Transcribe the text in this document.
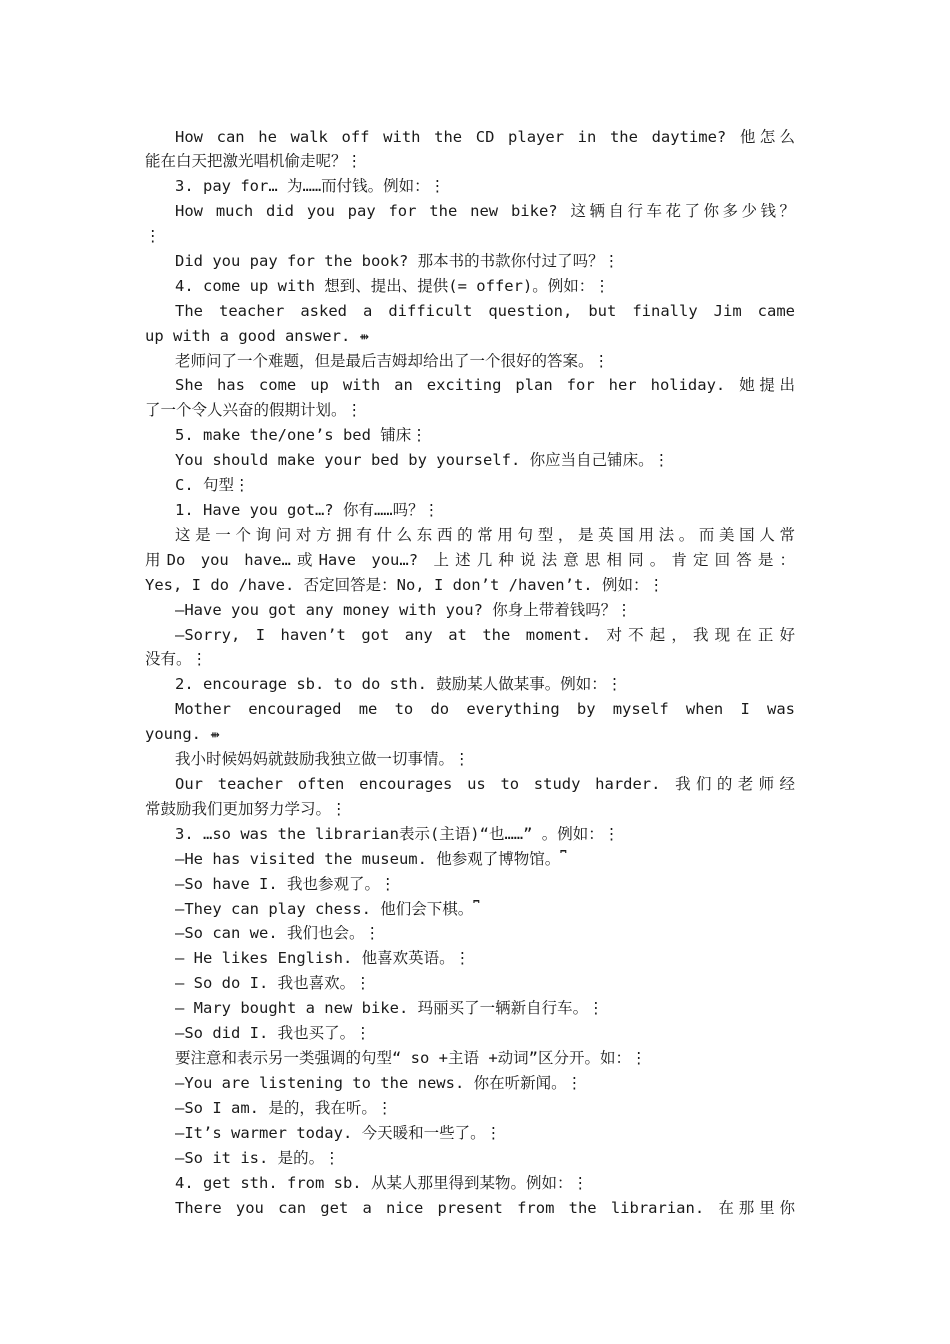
How can he walk off with the CD player in the daytime? 他怎么
能在白天把激光唱机偷走呢？⋮
3. pay for… 为……而付钱。例如：⋮
How much did you pay for the new bike? 这辆自行车花了你多少钱？
⋮
Did you pay for the book? 那本书的书款你付过了吗？⋮
4. come up with 想到、提出、提供(= offer)。例如：⋮
The teacher asked a difficult question, but finally Jim came
up with a good answer. ⇻
老师问了一个难题，但是最后吉姆却给出了一个很好的答案。⋮
She has come up with an exciting plan for her holiday. 她提出
了一个令人兴奋的假期计划。⋮
5. make the/one’s bed 铺床⋮
You should make your bed by yourself. 你应当自己铺床。⋮
C. 句型⋮
1. Have you got…? 你有……吗？⋮
这是一个询问对方拥有什么东西的常用句型，是英国用法。而美国人常
用Do you have…或Have you…? 上述几种说法意思相同。肯定回答是：
Yes, I do /have. 否定回答是：No, I don’t /haven’t. 例如：⋮
—Have you got any money with you? 你身上带着钱吗？⋮
—Sorry, I haven’t got any at the moment. 对不起，我现在正好
没有。⋮
2. encourage sb. to do sth. 鼓励某人做某事。例如：⋮
Mother encouraged me to do everything by myself when I was
young. ⇻
我小时候妈妈就鼓励我独立做一切事情。⋮
Our teacher often encourages us to study harder. 我们的老师经
常鼓励我们更加努力学习。⋮
3. …so was the librarian表示(主语)“也……” 。例如：⋮
—He has visited the museum. 他参观了博物馆。⎴
—So have I. 我也参观了。⋮
—They can play chess. 他们会下棋。⎴
—So can we. 我们也会。⋮
— He likes English. 他喜欢英语。⋮
— So do I. 我也喜欢。⋮
— Mary bought a new bike. 玛丽买了一辆新自行车。⋮
—So did I. 我也买了。⋮
要注意和表示另一类强调的句型“ so +主语 +动词”区分开。如：⋮
—You are listening to the news. 你在听新闻。⋮
—So I am. 是的，我在听。⋮
—It’s warmer today. 今天暖和一些了。⋮
—So it is. 是的。⋮
4. get sth. from sb. 从某人那里得到某物。例如：⋮
There you can get a nice present from the librarian. 在那里你
